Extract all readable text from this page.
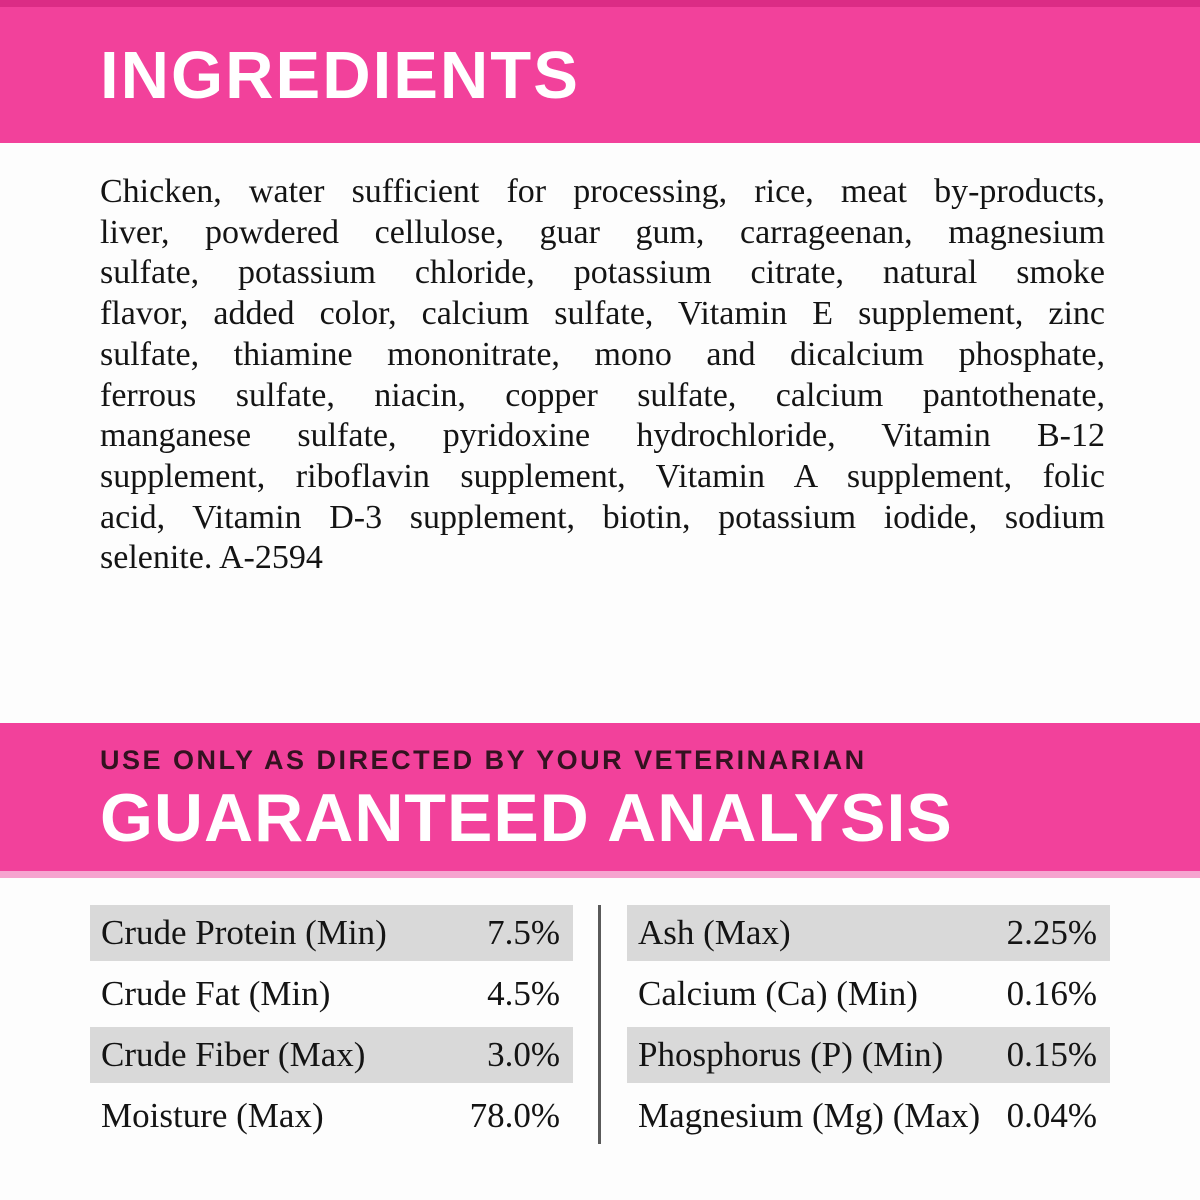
INGREDIENTS

Chicken, water sufficient for processing, rice, meat by-products,

liver, powdered cellulose, guar gum, carrageenan, magnesium

sulfate, potassium chloride, potassium citrate, natural smoke

flavor, added color, calcium sulfate, Vitamin E supplement, zinc

sulfate, thiamine mononitrate, mono and dicalcium phosphate,

ferrous sulfate, niacin, copper sulfate, calcium pantothenate,

manganese sulfate, pyridoxine hydrochloride, Vitamin B-12

supplement, riboflavin supplement, Vitamin A supplement, folic

acid, Vitamin D-3 supplement, biotin, potassium iodide, sodium

selenite. A-2594

USE ONLY AS DIRECTED BY YOUR VETERINARIAN
GUARANTEED ANALYSIS
Crude Protein (Min)	7.5%
Crude Fat (Min)	4.5%
Crude Fiber (Max)	3.0%
Moisture (Max)	78.0%
Ash (Max)	2.25%
Calcium (Ca) (Min)	0.16%
Phosphorus (P) (Min) 0.15%
Magnesium (Mg) (Max) 0.04%
